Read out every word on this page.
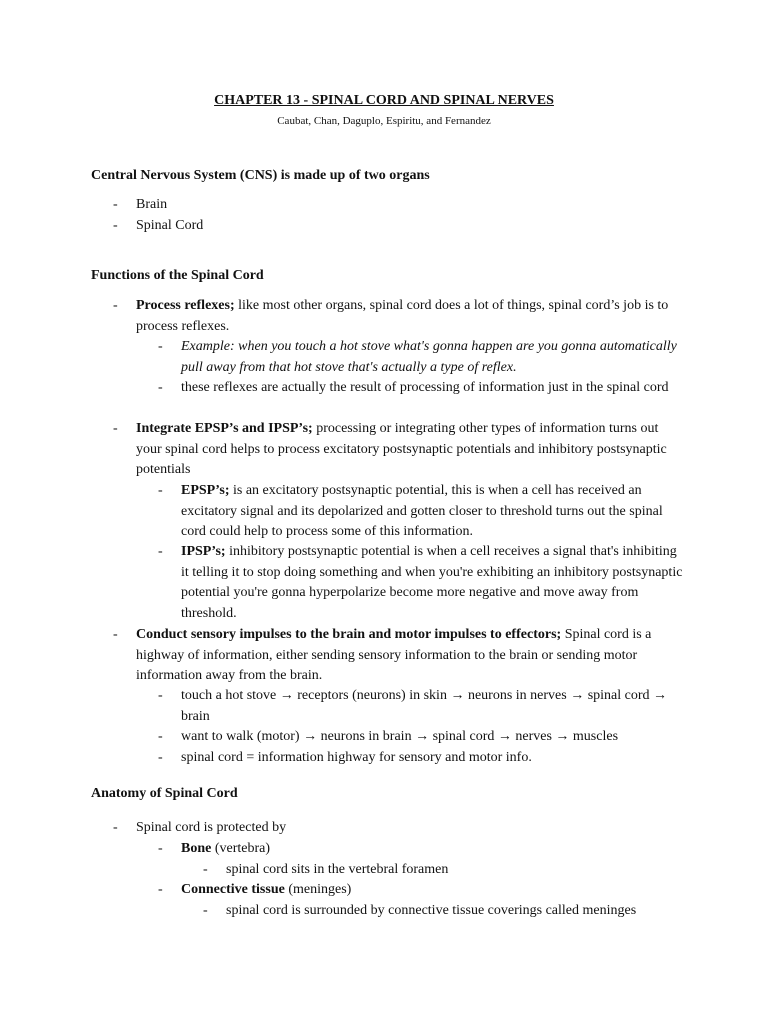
CHAPTER 13 - SPINAL CORD AND SPINAL NERVES

Caubat, Chan, Daguplo, Espiritu, and Fernandez

Central Nervous System (CNS) is made up of two organs

- Brain
- Spinal Cord

Functions of the Spinal Cord

- Process reflexes; like most other organs, spinal cord does a lot of things, spinal cord’s job is to process reflexes.
- Example: when you touch a hot stove what's gonna happen are you gonna automatically pull away from that hot stove that's actually a type of reflex.
- these reflexes are actually the result of processing of information just in the spinal cord
- Integrate EPSP’s and IPSP’s; processing or integrating other types of information turns out your spinal cord helps to process excitatory postsynaptic potentials and inhibitory postsynaptic potentials
- EPSP’s; is an excitatory postsynaptic potential, this is when a cell has received an excitatory signal and its depolarized and gotten closer to threshold turns out the spinal cord could help to process some of this information.
- IPSP’s; inhibitory postsynaptic potential is when a cell receives a signal that's inhibiting it telling it to stop doing something and when you're exhibiting an inhibitory postsynaptic potential you're gonna hyperpolarize become more negative and move away from threshold.
- Conduct sensory impulses to the brain and motor impulses to effectors; Spinal cord is a highway of information, either sending sensory information to the brain or sending motor information away from the brain.
- touch a hot stove → receptors (neurons) in skin → neurons in nerves → spinal cord → brain
- want to walk (motor) → neurons in brain → spinal cord → nerves → muscles
- spinal cord = information highway for sensory and motor info.

Anatomy of Spinal Cord

- Spinal cord is protected by
- Bone (vertebra)
- spinal cord sits in the vertebral foramen
- Connective tissue (meninges)
- spinal cord is surrounded by connective tissue coverings called meninges
